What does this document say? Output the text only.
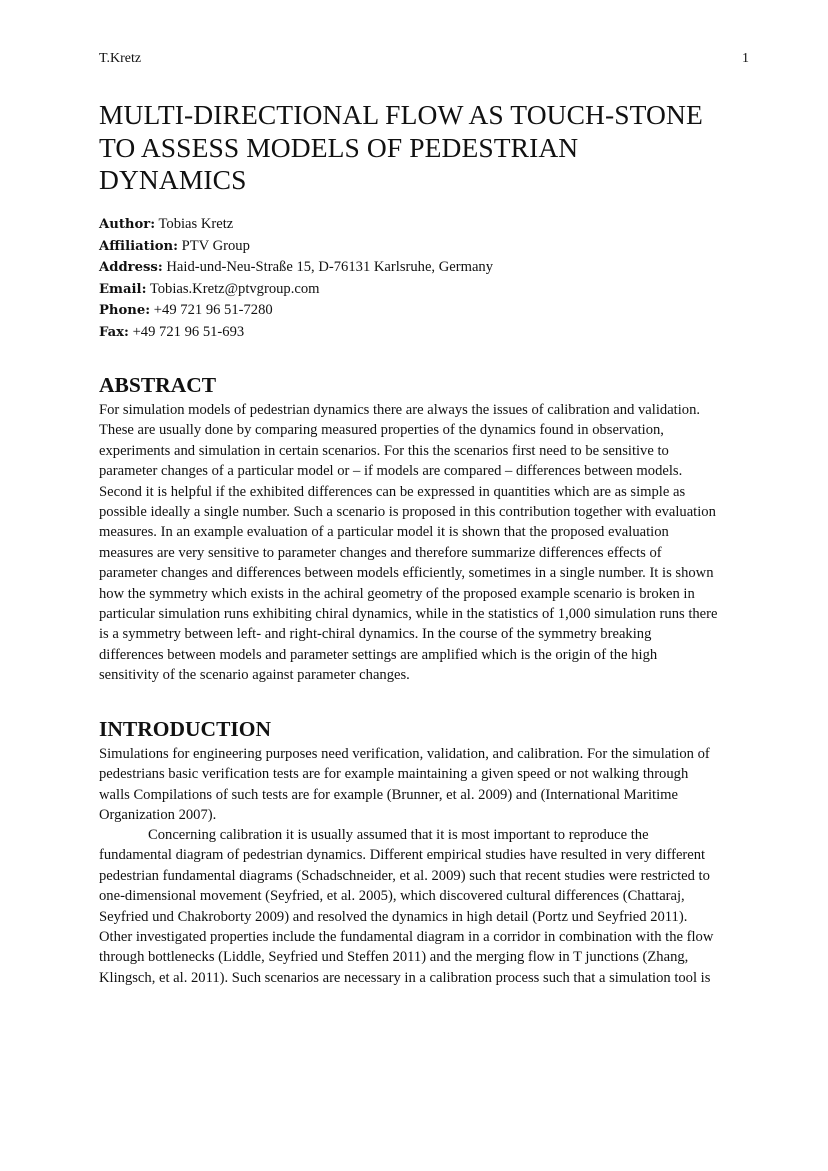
T.Kretz	1
MULTI-DIRECTIONAL FLOW AS TOUCH-STONE
TO ASSESS MODELS OF PEDESTRIAN
DYNAMICS
Author: Tobias Kretz
Affiliation: PTV Group
Address: Haid-und-Neu-Straße 15, D-76131 Karlsruhe, Germany
Email: Tobias.Kretz@ptvgroup.com
Phone: +49 721 96 51-7280
Fax: +49 721 96 51-693
ABSTRACT

For simulation models of pedestrian dynamics there are always the issues of calibration and validation.
These are usually done by comparing measured properties of the dynamics found in observation,
experiments and simulation in certain scenarios. For this the scenarios first need to be sensitive to
parameter changes of a particular model or – if models are compared – differences between models.
Second it is helpful if the exhibited differences can be expressed in quantities which are as simple as
possible ideally a single number. Such a scenario is proposed in this contribution together with evaluation
measures. In an example evaluation of a particular model it is shown that the proposed evaluation
measures are very sensitive to parameter changes and therefore summarize differences effects of
parameter changes and differences between models efficiently, sometimes in a single number. It is shown
how the symmetry which exists in the achiral geometry of the proposed example scenario is broken in
particular simulation runs exhibiting chiral dynamics, while in the statistics of 1,000 simulation runs there
is a symmetry between left- and right-chiral dynamics. In the course of the symmetry breaking
differences between models and parameter settings are amplified which is the origin of the high
sensitivity of the scenario against parameter changes.

INTRODUCTION

Simulations for engineering purposes need verification, validation, and calibration. For the simulation of
pedestrians basic verification tests are for example maintaining a given speed or not walking through
walls Compilations of such tests are for example (Brunner, et al. 2009) and (International Maritime
Organization 2007).

Concerning calibration it is usually assumed that it is most important to reproduce the
fundamental diagram of pedestrian dynamics. Different empirical studies have resulted in very different
pedestrian fundamental diagrams (Schadschneider, et al. 2009) such that recent studies were restricted to
one-dimensional movement (Seyfried, et al. 2005), which discovered cultural differences (Chattaraj,
Seyfried und Chakroborty 2009) and resolved the dynamics in high detail (Portz und Seyfried 2011).
Other investigated properties include the fundamental diagram in a corridor in combination with the flow
through bottlenecks (Liddle, Seyfried und Steffen 2011) and the merging flow in T junctions (Zhang,
Klingsch, et al. 2011). Such scenarios are necessary in a calibration process such that a simulation tool is
